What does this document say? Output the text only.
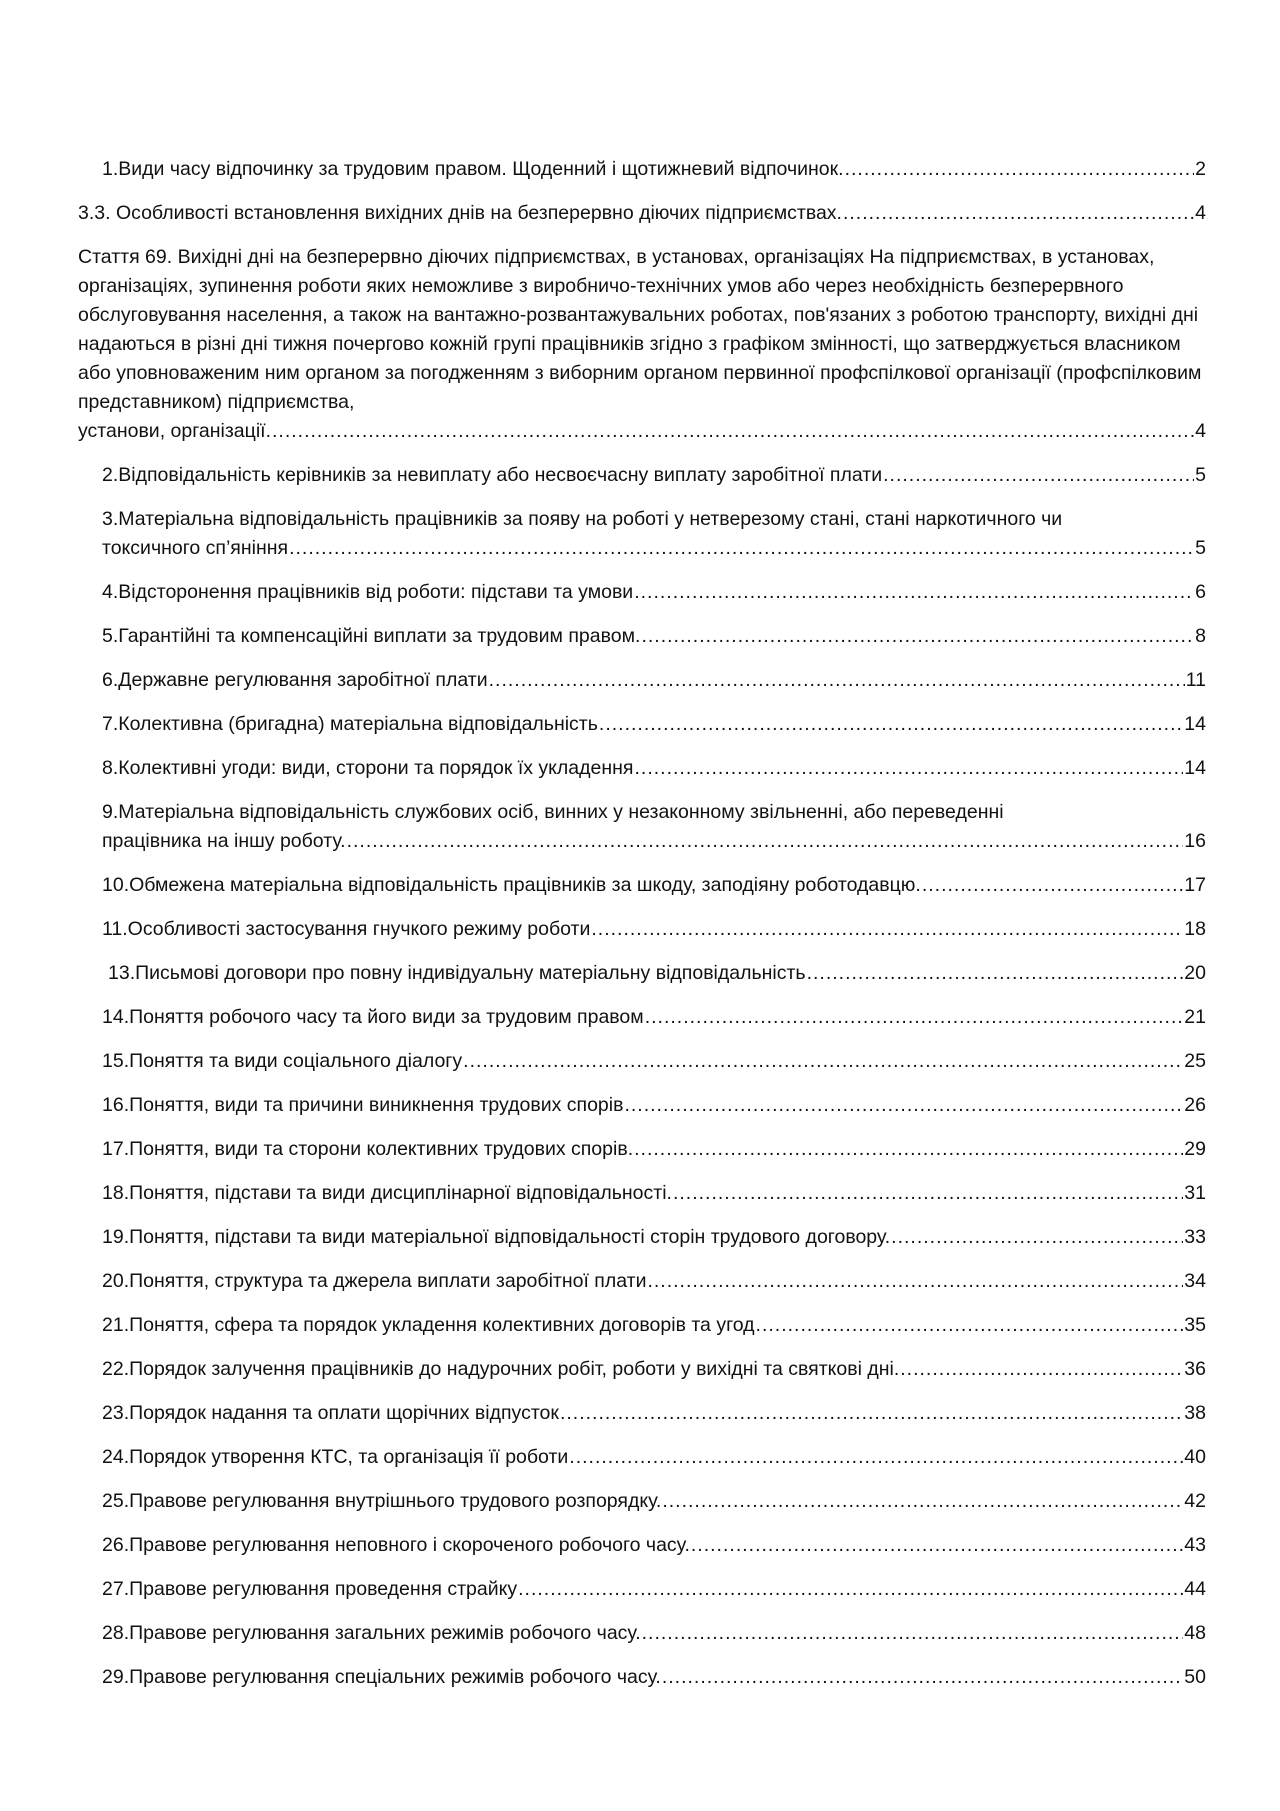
1.Види часу відпочинку за трудовим правом. Щоденний і щотижневий відпочинок. .....	2
3.3. Особливості встановлення вихідних днів на безперервно діючих підприємствах. .....	4
Стаття 69. Вихідні дні на безперервно діючих підприємствах, в установах, організаціях На підприємствах, в установах, організаціях, зупинення роботи яких неможливе з виробничо-технічних умов або через необхідність безперервного обслуговування населення, а також на вантажно-розвантажувальних роботах, пов'язаних з роботою транспорту, вихідні дні надаються в різні дні тижня почергово кожній групі працівників згідно з графіком змінності, що затверджується власником або уповноваженим ним органом за погодженням з виборним органом первинної профспілкової організації (профспілковим представником) підприємства,
установи, організації. .....	4
2.Відповідальність керівників за невиплату або несвоєчасну виплату заробітної плати .....	5
3.Матеріальна відповідальність працівників за появу на роботі у нетверезому стані, стані наркотичного чи
токсичного сп’яніння .....	5
4.Відсторонення працівників від роботи: підстави та умови .....	6
5.Гарантійні та компенсаційні виплати за трудовим правом. .....	8
6.Державне регулювання заробітної плати .....	11
7.Колективна (бригадна) матеріальна відповідальність .....	14
8.Колективні угоди: види, сторони та порядок їх укладення .....	14
9.Матеріальна відповідальність службових осіб, винних у незаконному звільненні, або переведенні
працівника на іншу роботу. .....	16
10.Обмежена матеріальна відповідальність працівників за шкоду, заподіяну роботодавцю. .....	17
11.Особливості застосування гнучкого режиму роботи .....	18
13.Письмові договори про повну індивідуальну матеріальну відповідальність .....	20
14.Поняття робочого часу та його види за трудовим правом .....	21
15.Поняття та види соціального діалогу .....	25
16.Поняття, види та причини виникнення трудових спорів .....	26
17.Поняття, види та сторони колективних трудових спорів. .....	29
18.Поняття, підстави та види дисциплінарної відповідальності. .....	31
19.Поняття, підстави та види матеріальної відповідальності сторін трудового договору. .....	33
20.Поняття, структура та джерела виплати заробітної плати .....	34
21.Поняття, сфера та порядок укладення колективних договорів та угод .....	35
22.Порядок залучення працівників до надурочних робіт, роботи у вихідні та святкові дні. .....	36
23.Порядок надання та оплати щорічних відпусток .....	38
24.Порядок утворення КТС, та організація її роботи .....	40
25.Правове регулювання внутрішнього трудового розпорядку. .....	42
26.Правове регулювання неповного і скороченого робочого часу. .....	43
27.Правове регулювання проведення страйку .....	44
28.Правове регулювання загальних режимів робочого часу. .....	48
29.Правове регулювання спеціальних режимів робочого часу. .....	50
